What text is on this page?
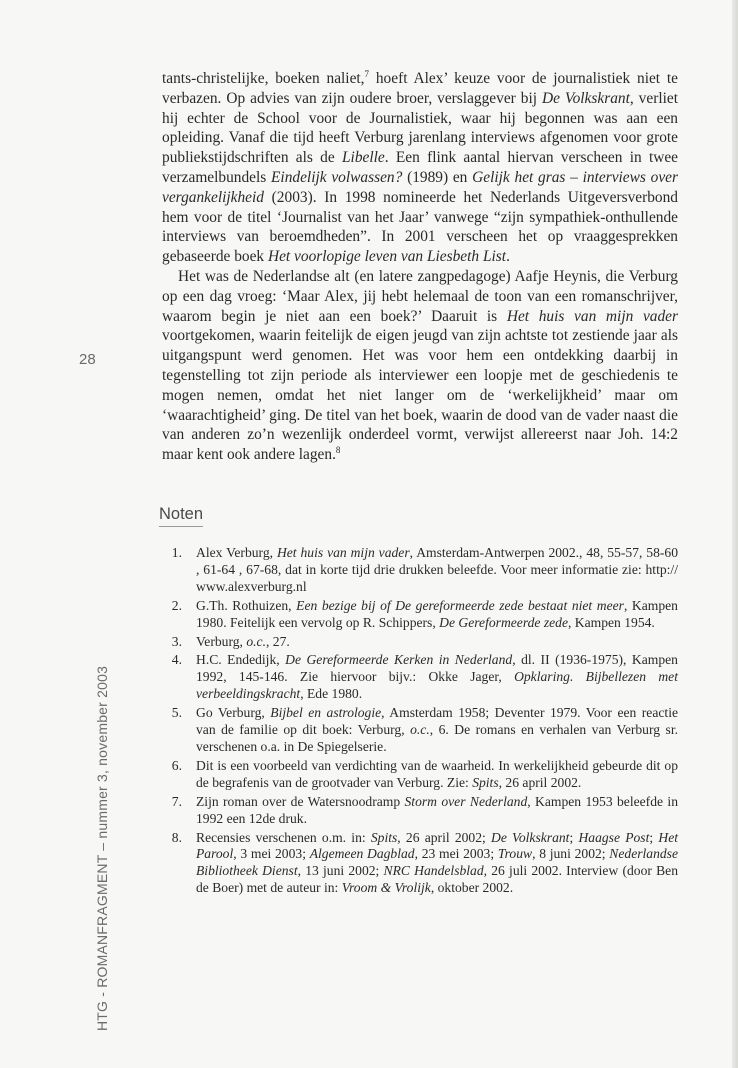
28
HTG - ROMANFRAGMENT – nummer 3, november 2003

tants-christelijke, boeken naliet,$^7$ hoeft Alex’ keuze voor de journalistiek niet te verbazen. Op advies van zijn oudere broer, verslaggever bij De Volkskrant, verliet hij echter de School voor de Journalistiek, waar hij begonnen was aan een opleiding. Vanaf die tijd heeft Verburg jarenlang interviews afgenomen voor grote publiekstijdschriften als de Libelle. Een flink aantal hiervan verscheen in twee verzamelbundels Eindelijk volwassen? (1989) en Gelijk het gras – interviews over vergankelijkheid (2003). In 1998 nomineerde het Nederlands Uitgeversverbond hem voor de titel ‘Journalist van het Jaar’ vanwege “zijn sympathiek-onthullende interviews van beroemdheden”. In 2001 verscheen het op vraaggesprekken gebaseerde boek Het voorlopige leven van Liesbeth List.

Het was de Nederlandse alt (en latere zangpedagoge) Aafje Heynis, die Verburg op een dag vroeg: ‘Maar Alex, jij hebt helemaal de toon van een romanschrijver, waarom begin je niet aan een boek?’ Daaruit is Het huis van mijn vader voortgekomen, waarin feitelijk de eigen jeugd van zijn achtste tot zestiende jaar als uitgangspunt werd genomen. Het was voor hem een ontdekking daarbij in tegenstelling tot zijn periode als interviewer een loopje met de geschiedenis te mogen nemen, omdat het niet langer om de ‘werkelijkheid’ maar om ‘waarachtigheid’ ging. De titel van het boek, waarin de dood van de vader naast die van anderen zo’n wezenlijk onderdeel vormt, verwijst allereerst naar Joh. 14:2 maar kent ook andere lagen.$^8$

Noten
1. Alex Verburg, Het huis van mijn vader, Amsterdam-Antwerpen 2002., 48, 55-57, 58-60 , 61-64 , 67-68, dat in korte tijd drie drukken beleefde. Voor meer informatie zie: http:// www.alexverburg.nl
2. G.Th. Rothuizen, Een bezige bij of De gereformeerde zede bestaat niet meer, Kampen 1980. Feitelijk een vervolg op R. Schippers, De Gereformeerde zede, Kampen 1954.
3. Verburg, o.c., 27.
4. H.C. Endedijk, De Gereformeerde Kerken in Nederland, dl. II (1936-1975), Kampen 1992, 145-146. Zie hiervoor bijv.: Okke Jager, Opklaring. Bijbellezen met verbeeldingskracht, Ede 1980.
5. Go Verburg, Bijbel en astrologie, Amsterdam 1958; Deventer 1979. Voor een reactie van de familie op dit boek: Verburg, o.c., 6. De romans en verhalen van Verburg sr. verschenen o.a. in De Spiegelserie.
6. Dit is een voorbeeld van verdichting van de waarheid. In werkelijkheid gebeurde dit op de begrafenis van de grootvader van Verburg. Zie: Spits, 26 april 2002.
7. Zijn roman over de Watersnoodramp Storm over Nederland, Kampen 1953 beleefde in 1992 een 12de druk.
8. Recensies verschenen o.m. in: Spits, 26 april 2002; De Volkskrant; Haagse Post; Het Parool, 3 mei 2003; Algemeen Dagblad, 23 mei 2003; Trouw, 8 juni 2002; Nederlandse Bibliotheek Dienst, 13 juni 2002; NRC Handelsblad, 26 juli 2002. Interview (door Ben de Boer) met de auteur in: Vroom & Vrolijk, oktober 2002.
